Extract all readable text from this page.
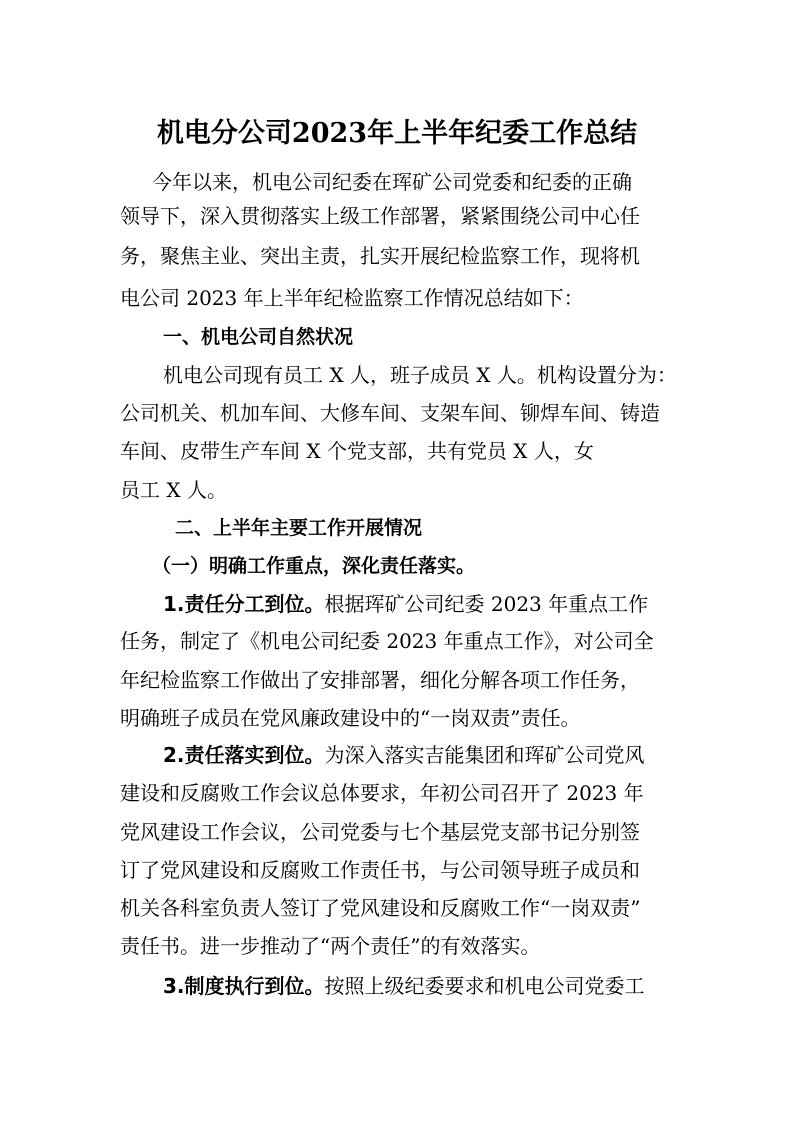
机电分公司2023年上半年纪委工作总结
今年以来，机电公司纪委在珲矿公司党委和纪委的正确
领导下，深入贯彻落实上级工作部署，紧紧围绕公司中心任
务，聚焦主业、突出主责，扎实开展纪检监察工作，现将机
电公司 2023 年上半年纪检监察工作情况总结如下：
一、机电公司自然状况
机电公司现有员工 X 人，班子成员 X 人。机构设置分为：
公司机关、机加车间、大修车间、支架车间、铆焊车间、铸造
车间、皮带生产车间 X 个党支部，共有党员 X 人，女
员工 X 人。
二、上半年主要工作开展情况
（一）明确工作重点，深化责任落实。
1.责任分工到位。根据珲矿公司纪委 2023 年重点工作
任务，制定了《机电公司纪委 2023 年重点工作》，对公司全
年纪检监察工作做出了安排部署，细化分解各项工作任务，
明确班子成员在党风廉政建设中的“一岗双责”责任。
2.责任落实到位。为深入落实吉能集团和珲矿公司党风
建设和反腐败工作会议总体要求，年初公司召开了 2023 年
党风建设工作会议，公司党委与七个基层党支部书记分别签
订了党风建设和反腐败工作责任书，与公司领导班子成员和
机关各科室负责人签订了党风建设和反腐败工作“一岗双责”
责任书。进一步推动了“两个责任”的有效落实。
3.制度执行到位。按照上级纪委要求和机电公司党委工
